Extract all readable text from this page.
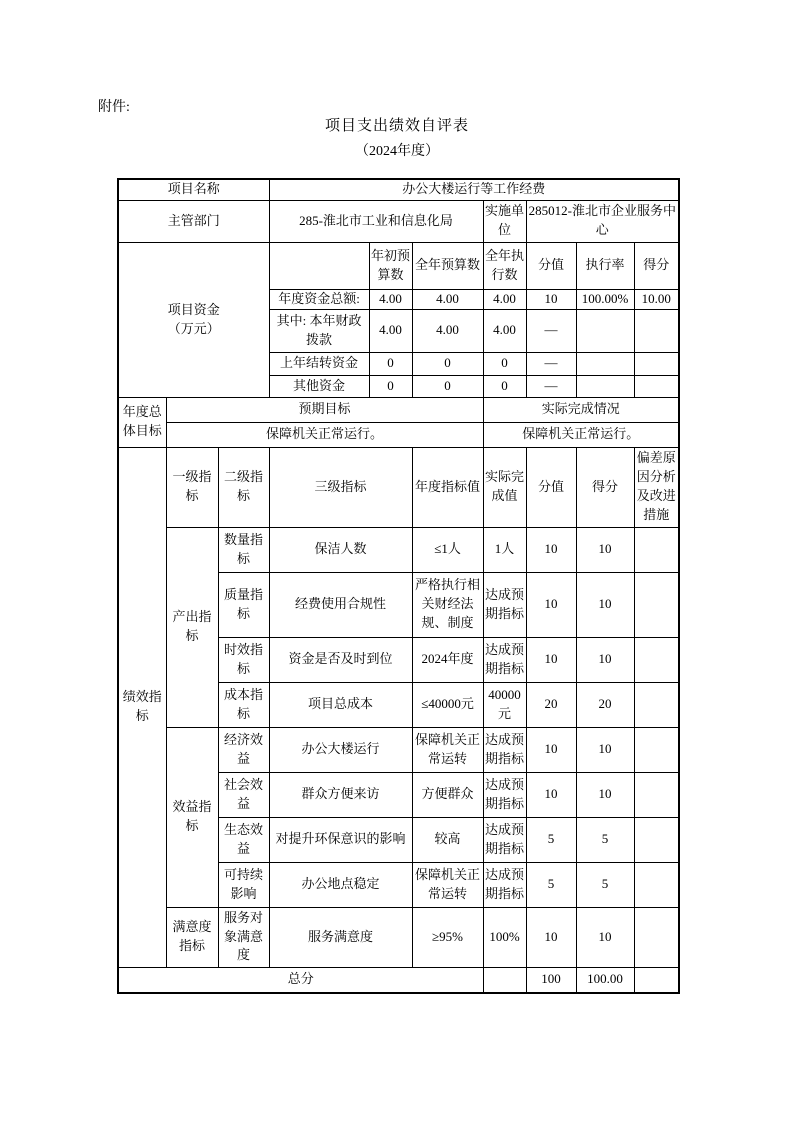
附件:
项目支出绩效自评表
（2024年度）
项目名称			办公大楼运行等工作经费						
主管部门			285-淮北市工业和信息化局			实施单位	285012-淮北市企业服务中心		

项目资金
（万元）				年初预算数	全年预算数	全年执行数	分值	执行率	得分
			年度资金总额:	4.00	4.00	4.00	10	100.00%	10.00
			其中: 本年财政拨款	4.00	4.00	4.00	—		
			上年结转资金	0	0	0	—		
			其他资金	0	0	0	—		
年度总体目标	预期目标					实际完成情况			
	保障机关正常运行。					保障机关正常运行。			
绩效指标	一级指标	二级指标	三级指标		年度指标值	实际完成值	分值	得分	偏差原因分析及改进措施
	产出指标	数量指标	保洁人数		≤1人	1人	10	10	
		质量指标	经费使用合规性		严格执行相关财经法规、制度	达成预期指标	10	10	
		时效指标	资金是否及时到位		2024年度	达成预期指标	10	10	
		成本指标	项目总成本		≤40000元	40000元	20	20	
	效益指标	经济效益	办公大楼运行		保障机关正常运转	达成预期指标	10	10	
		社会效益	群众方便来访		方便群众	达成预期指标	10	10	
		生态效益	对提升环保意识的影响		较高	达成预期指标	5	5	
		可持续影响	办公地点稳定		保障机关正常运转	达成预期指标	5	5	
	满意度指标	服务对象满意度	服务满意度		≥95%	100%	10	10	
总分							100	100.00	
